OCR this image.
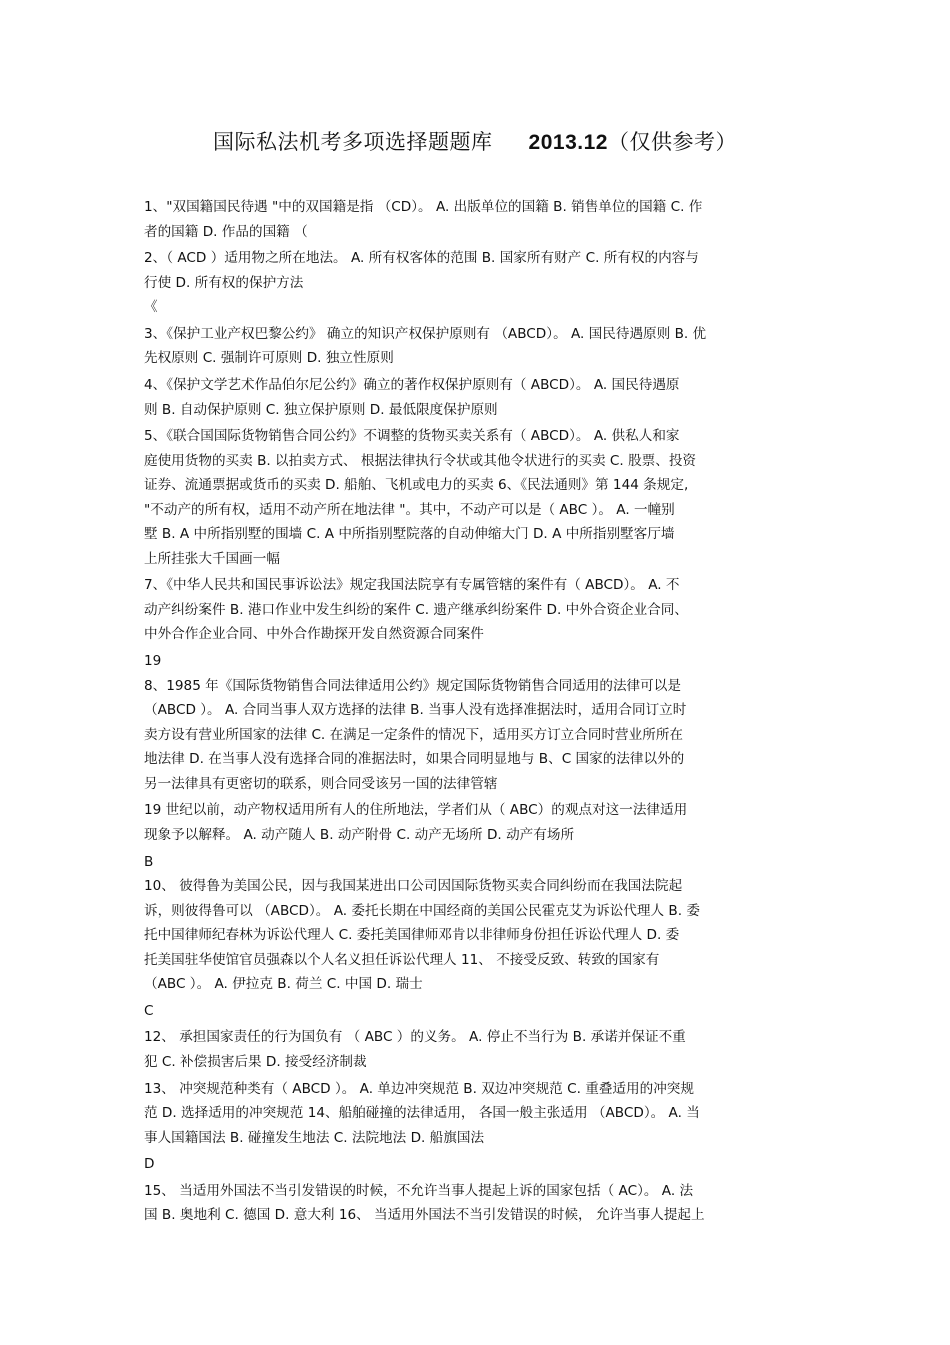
国际私法机考多项选择题题库 2013.12（仅供参考）
1、"双国籍国民待遇 "中的双国籍是指 （CD）。 A. 出版单位的国籍 B. 销售单位的国籍 C. 作
者的国籍 D. 作品的国籍 （
2、（ ACD ）适用物之所在地法。 A. 所有权客体的范围 B. 国家所有财产 C. 所有权的内容与
行使 D. 所有权的保护方法
《
3、《保护工业产权巴黎公约》 确立的知识产权保护原则有 （ABCD）。 A. 国民待遇原则 B. 优
先权原则 C. 强制许可原则 D. 独立性原则
4、《保护文学艺术作品伯尔尼公约》确立的著作权保护原则有（ ABCD）。 A. 国民待遇原
则 B. 自动保护原则 C. 独立保护原则 D. 最低限度保护原则
5、《联合国国际货物销售合同公约》不调整的货物买卖关系有（ ABCD）。 A. 供私人和家
庭使用货物的买卖 B. 以拍卖方式、 根据法律执行令状或其他令状进行的买卖 C. 股票、投资
证券、流通票据或货币的买卖 D. 船舶、飞机或电力的买卖 6、《民法通则》第 144 条规定,
"不动产的所有权，适用不动产所在地法律 "。其中，不动产可以是（ ABC ）。 A. 一幢别
墅 B. A 中所指别墅的围墙 C. A 中所指别墅院落的自动伸缩大门 D. A 中所指别墅客厅墙
上所挂张大千国画一幅
7、《中华人民共和国民事诉讼法》规定我国法院享有专属管辖的案件有（ ABCD）。 A. 不
动产纠纷案件 B. 港口作业中发生纠纷的案件 C. 遗产继承纠纷案件 D. 中外合资企业合同、
中外合作企业合同、中外合作勘探开发自然资源合同案件
19
8、1985 年《国际货物销售合同法律适用公约》规定国际货物销售合同适用的法律可以是
（ABCD ）。 A. 合同当事人双方选择的法律 B. 当事人没有选择准据法时，适用合同订立时
卖方设有营业所国家的法律 C. 在满足一定条件的情况下，适用买方订立合同时营业所所在
地法律 D. 在当事人没有选择合同的准据法时，如果合同明显地与 B、C 国家的法律以外的
另一法律具有更密切的联系，则合同受该另一国的法律管辖
19 世纪以前，动产物权适用所有人的住所地法，学者们从（ ABC）的观点对这一法律适用
现象予以解释。 A. 动产随人 B. 动产附骨 C. 动产无场所 D. 动产有场所
B
10、 彼得鲁为美国公民，因与我国某进出口公司因国际货物买卖合同纠纷而在我国法院起
诉，则彼得鲁可以 （ABCD）。 A. 委托长期在中国经商的美国公民霍克艾为诉讼代理人 B. 委
托中国律师纪春林为诉讼代理人 C. 委托美国律师邓肯以非律师身份担任诉讼代理人 D. 委
托美国驻华使馆官员强森以个人名义担任诉讼代理人 11、 不接受反致、转致的国家有
（ABC ）。 A. 伊拉克 B. 荷兰 C. 中国 D. 瑞士
C
12、 承担国家责任的行为国负有 （ ABC ）的义务。 A. 停止不当行为 B. 承诺并保证不重
犯 C. 补偿损害后果 D. 接受经济制裁
13、 冲突规范种类有（ ABCD ）。 A. 单边冲突规范 B. 双边冲突规范 C. 重叠适用的冲突规
范 D. 选择适用的冲突规范 14、船舶碰撞的法律适用， 各国一般主张适用 （ABCD）。 A. 当
事人国籍国法 B. 碰撞发生地法 C. 法院地法 D. 船旗国法
D
15、 当适用外国法不当引发错误的时候，不允许当事人提起上诉的国家包括（ AC）。 A. 法
国 B. 奥地利 C. 德国 D. 意大利 16、 当适用外国法不当引发错误的时候， 允许当事人提起上
